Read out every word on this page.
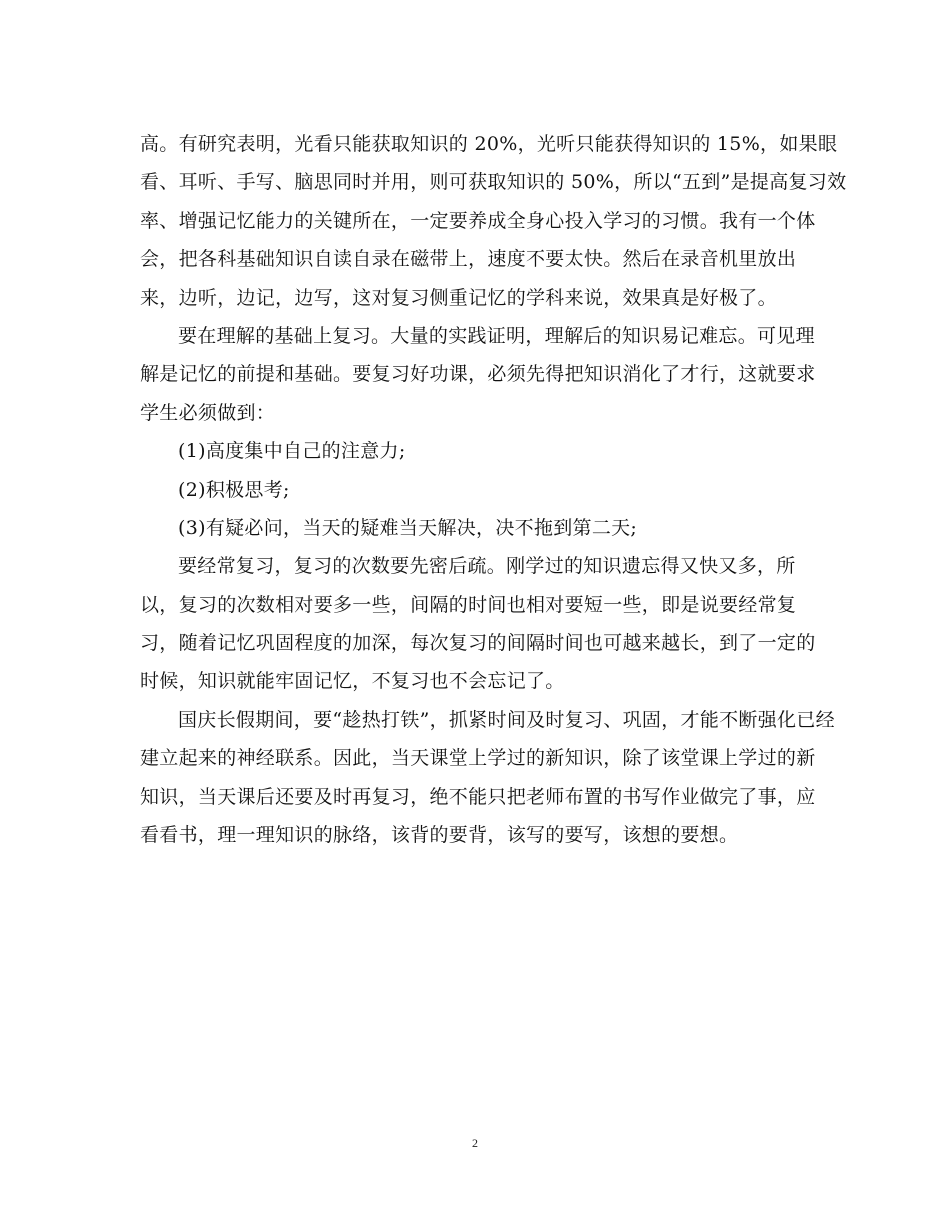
高。有研究表明，光看只能获取知识的 20%，光听只能获得知识的 15%，如果眼
看、耳听、手写、脑思同时并用，则可获取知识的 50%，所以“五到”是提高复习效
率、增强记忆能力的关键所在，一定要养成全身心投入学习的习惯。我有一个体
会，把各科基础知识自读自录在磁带上，速度不要太快。然后在录音机里放出
来，边听，边记，边写，这对复习侧重记忆的学科来说，效果真是好极了。
要在理解的基础上复习。大量的实践证明，理解后的知识易记难忘。可见理
解是记忆的前提和基础。要复习好功课，必须先得把知识消化了才行，这就要求
学生必须做到：
(1)高度集中自己的注意力;
(2)积极思考;
(3)有疑必问，当天的疑难当天解决，决不拖到第二天;
要经常复习，复习的次数要先密后疏。刚学过的知识遗忘得又快又多，所
以，复习的次数相对要多一些，间隔的时间也相对要短一些，即是说要经常复
习，随着记忆巩固程度的加深，每次复习的间隔时间也可越来越长，到了一定的
时候，知识就能牢固记忆，不复习也不会忘记了。
国庆长假期间，要“趁热打铁”，抓紧时间及时复习、巩固，才能不断强化已经
建立起来的神经联系。因此，当天课堂上学过的新知识，除了该堂课上学过的新
知识，当天课后还要及时再复习，绝不能只把老师布置的书写作业做完了事，应
看看书，理一理知识的脉络，该背的要背，该写的要写，该想的要想。
2
